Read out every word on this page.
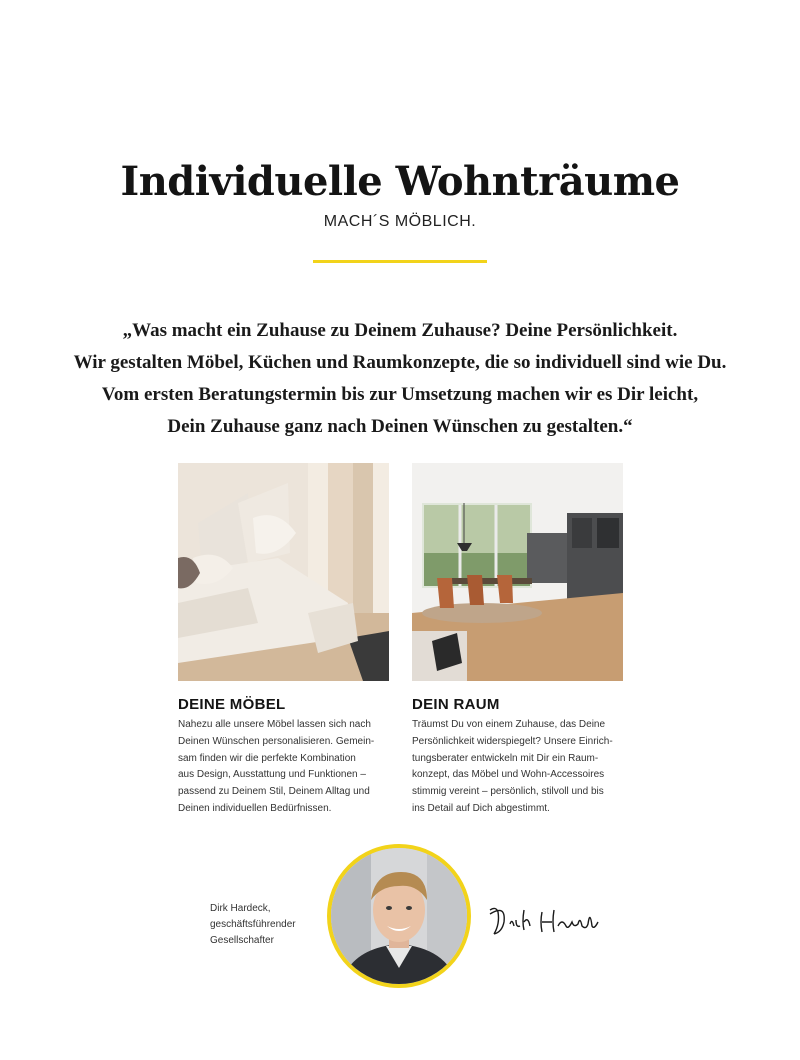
Individuelle Wohnträume
MACH´S MÖBLICH.
„Was macht ein Zuhause zu Deinem Zuhause? Deine Persönlichkeit.
Wir gestalten Möbel, Küchen und Raumkonzepte, die so individuell sind wie Du.
Vom ersten Beratungstermin bis zur Umsetzung machen wir es Dir leicht,
Dein Zuhause ganz nach Deinen Wünschen zu gestalten.“
DEINE MÖBEL

Nahezu alle unsere Möbel lassen sich nach
Deinen Wünschen personalisieren. Gemein-
sam finden wir die perfekte Kombination
aus Design, Ausstattung und Funktionen –
passend zu Deinem Stil, Deinem Alltag und
Deinen individuellen Bedürfnissen.

DEIN RAUM

Träumst Du von einem Zuhause, das Deine
Persönlichkeit widerspiegelt? Unsere Einrich-
tungsberater entwickeln mit Dir ein Raum-
konzept, das Möbel und Wohn-Accessoires
stimmig vereint – persönlich, stilvoll und bis
ins Detail auf Dich abgestimmt.

Dirk Hardeck,
geschäftsführender
Gesellschafter
